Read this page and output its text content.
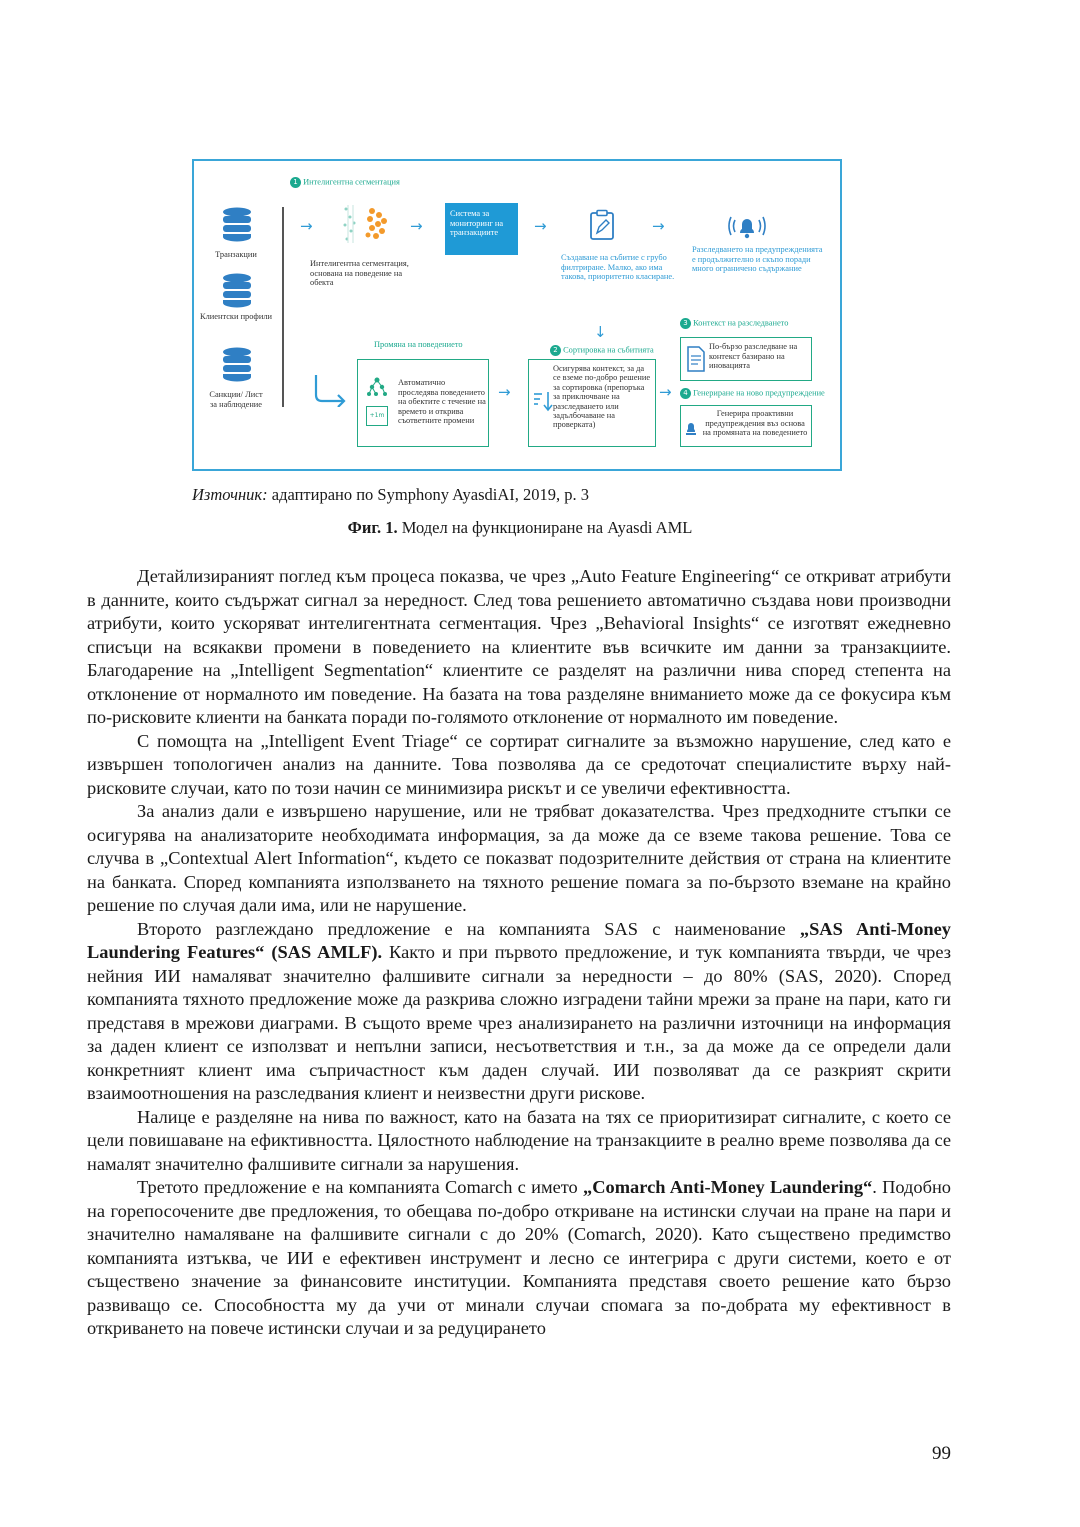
1 Интелигентна сегментация
Транзакции
Клиентски профили
Санкции/ Лист
за наблюдение
→
Интелигентна сегментация,
основана на поведение на
обекта
→
Система за
мониторинг на
транзакциите	→
Създаване на събитие с грубо
филтриране. Малко, ако има
такова, приоритетно класиране.
→
Разследването на предупрежденията
е продължително и скъпо поради
много ограничено съдържание
↓	3 Контекст на разследването
Промяна на поведението
+1m
Автоматично
проследява поведението
на обектите с течение на
времето и открива
съответните промени
→
2 Сортировка на събитията
Осигурява контекст, за да
се вземе по-добро решение
за сортировка (препоръка
за приключване на
разследването или
задълбочаване на
проверката)
→
По-бързо разследване на
контекст базирано на
иновацията
4 Генериране на ново предупреждение
Генерира проактивни
предупреждения въз основа
на промяната на поведението
Източник: адаптирано по Symphony AyasdiAI, 2019, p. 3
Фиг. 1. Модел на функциониране на Ayasdi AML

Детайлизираният поглед към процеса показва, че чрез „Auto Feature Engineering“ се откриват атрибути в данните, които съдържат сигнал за нередност. След това решението автоматично създава нови производни атрибути, които ускоряват интелигентната сегментация. Чрез „Behavioral Insights“ се изготвят ежедневно списъци на всякакви промени в поведението на клиентите във всичките им данни за транзакциите. Благодарение на „Intelligent Segmentation“ клиентите се разделят на различни нива според степента на отклонение от нормалното им поведение. На базата на това разделяне вниманието може да се фокусира към по-рисковите клиенти на банката поради по-голямото отклонение от нормалното им поведение.

С помощта на „Intelligent Event Triage“ се сортират сигналите за възможно нарушение, след като е извършен топологичен анализ на данните. Това позволява да се средоточат специалистите върху най-рисковите случаи, като по този начин се минимизира рискът и се увеличи ефективността.

За анализ дали е извършено нарушение, или не трябват доказателства. Чрез предходните стъпки се осигурява на анализаторите необходимата информация, за да може да се вземе такова решение. Това се случва в „Contextual Alert Information“, където се показват подозрителните действия от страна на клиентите на банката. Според компанията използването на тяхното решение помага за по-бързото вземане на крайно решение по случая дали има, или не нарушение.

Второто разглеждано предложение е на компанията SAS с наименование „SAS Anti-Money Laundering Features“ (SAS AMLF). Както и при първото предложение, и тук компанията твърди, че чрез нейния ИИ намаляват значително фалшивите сигнали за нередности – до 80% (SAS, 2020). Според компанията тяхното предложение може да разкрива сложно изградени тайни мрежи за пране на пари, като ги представя в мрежови диаграми. В същото време чрез анализирането на различни източници на информация за даден клиент се използват и непълни записи, несъответствия и т.н., за да може да се определи дали конкретният клиент има съпричастност към даден случай. ИИ позволяват да се разкрият скрити взаимоотношения на разследвания клиент и неизвестни други рискове.

Налице е разделяне на нива по важност, като на базата на тях се приоритизират сигналите, с което се цели повишаване на ефиктивността. Цялостното наблюдение на транзакциите в реално време позволява да се намалят значително фалшивите сигнали за нарушения.

Третото предложение е на компанията Comarch с името „Comarch Anti-Money Laundering“. Подобно на горепосочените две предложения, то обещава по-добро откриване на истински случаи на пране на пари и значително намаляване на фалшивите сигнали с до 20% (Comarch, 2020). Като съществено предимство компанията изтъква, че ИИ е ефективен инструмент и лесно се интегрира с други системи, което е от съществено значение за финансовите институции. Компанията представя своето решение като бързо развиващо се. Способността му да учи от минали случаи спомага за по-добрата му ефективност в откриването на повече истински случаи и за редуцирането

99
